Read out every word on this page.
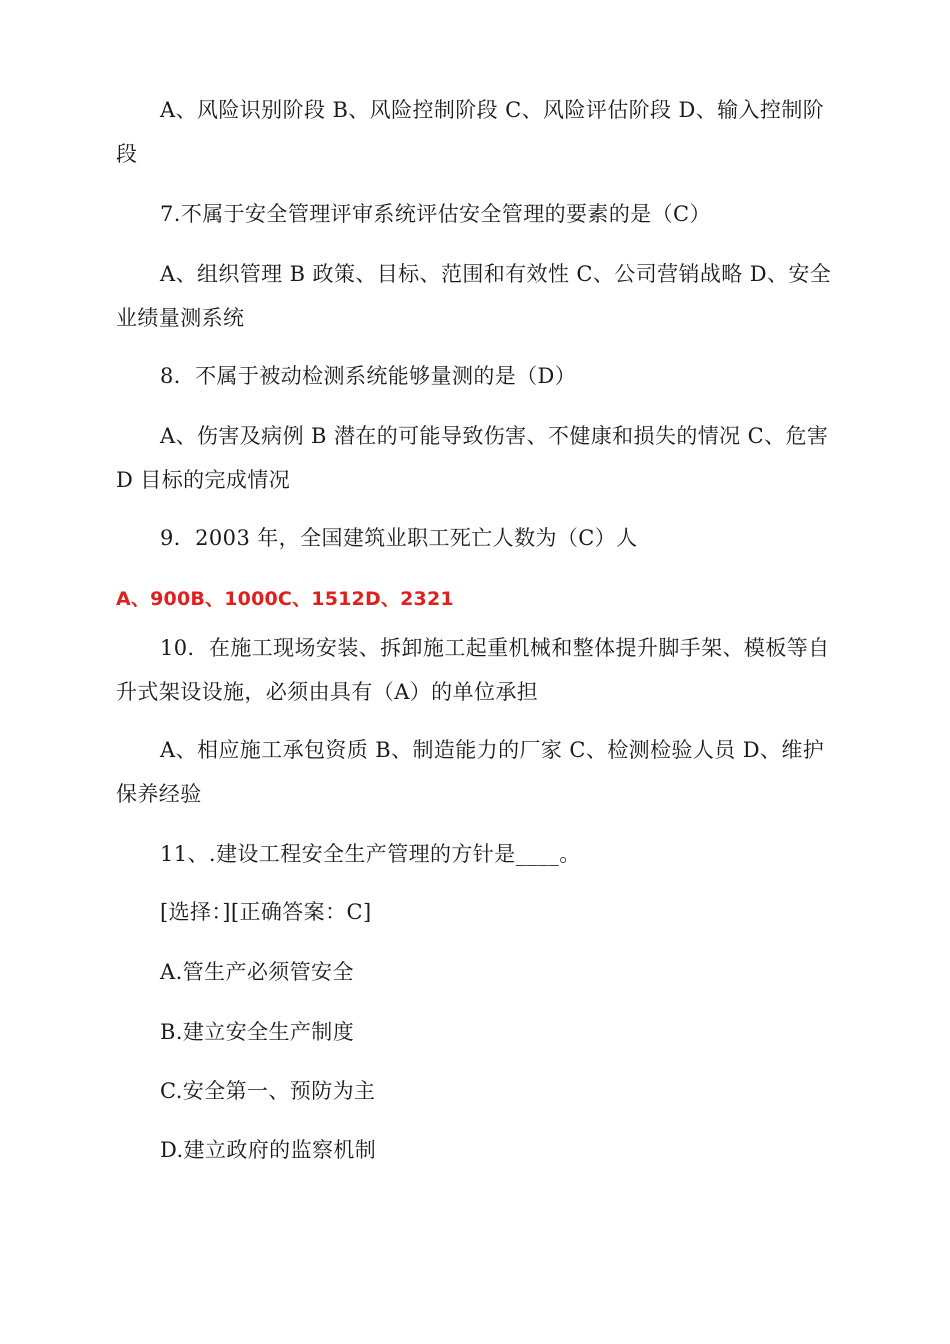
A、风险识别阶段 B、风险控制阶段 C、风险评估阶段 D、输入控制阶段

7.不属于安全管理评审系统评估安全管理的要素的是（C）

A、组织管理 B 政策、目标、范围和有效性 C、公司营销战略 D、安全业绩量测系统

8．不属于被动检测系统能够量测的是（D）

A、伤害及病例 B 潜在的可能导致伤害、不健康和损失的情况 C、危害 D 目标的完成情况

9．2003 年，全国建筑业职工死亡人数为（C）人

A、900B、1000C、1512D、2321

10．在施工现场安装、拆卸施工起重机械和整体提升脚手架、模板等自升式架设设施，必须由具有（A）的单位承担

A、相应施工承包资质 B、制造能力的厂家 C、检测检验人员 D、维护保养经验

11、.建设工程安全生产管理的方针是____。

[选择：][正确答案：C]

A.管生产必须管安全

B.建立安全生产制度

C.安全第一、预防为主

D.建立政府的监察机制
